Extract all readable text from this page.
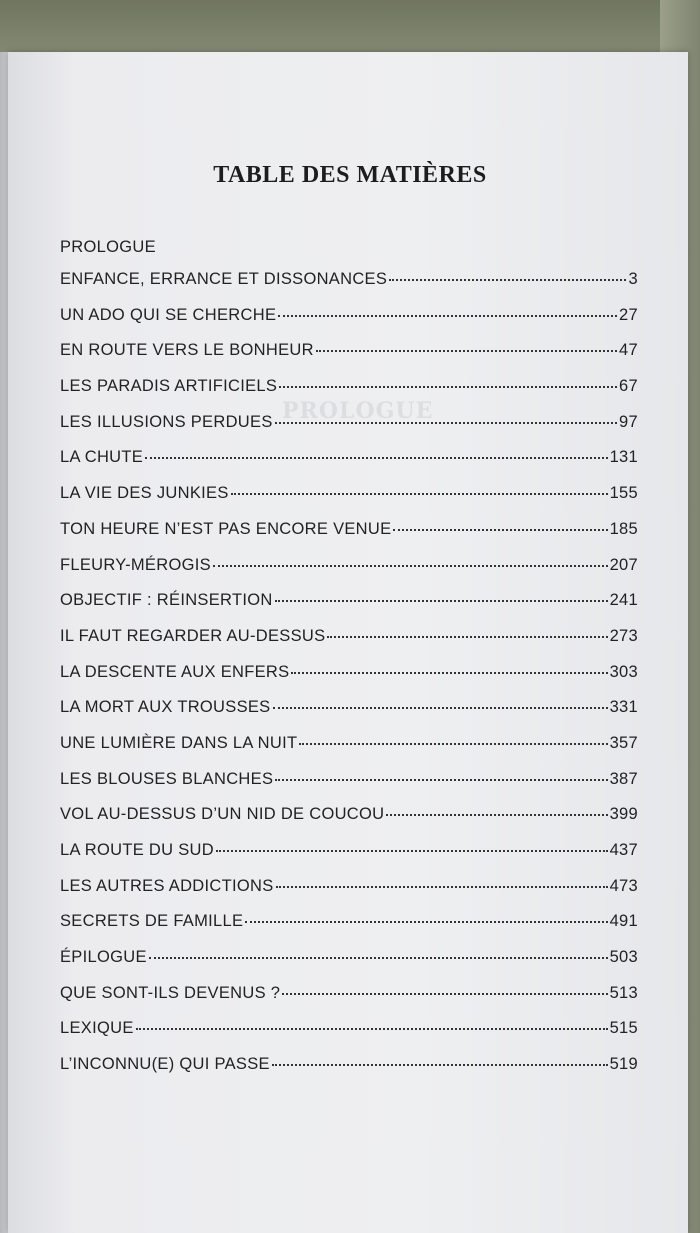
PROLOGUE
TABLE DES MATIÈRES
PROLOGUE
ENFANCE, ERRANCE ET DISSONANCES	3
UN ADO QUI SE CHERCHE	27
EN ROUTE VERS LE BONHEUR	47
LES PARADIS ARTIFICIELS	67
LES ILLUSIONS PERDUES	97
LA CHUTE	131
LA VIE DES JUNKIES	155
TON HEURE N’EST PAS ENCORE VENUE	185
FLEURY-MÉROGIS	207
OBJECTIF : RÉINSERTION	241
IL FAUT REGARDER AU-DESSUS	273
LA DESCENTE AUX ENFERS	303
LA MORT AUX TROUSSES	331
UNE LUMIÈRE DANS LA NUIT	357
LES BLOUSES BLANCHES	387
VOL AU-DESSUS D’UN NID DE COUCOU	399
LA ROUTE DU SUD	437
LES AUTRES ADDICTIONS	473
SECRETS DE FAMILLE	491
ÉPILOGUE	503
QUE SONT-ILS DEVENUS ?	513
LEXIQUE	515
L’INCONNU(E) QUI PASSE	519
